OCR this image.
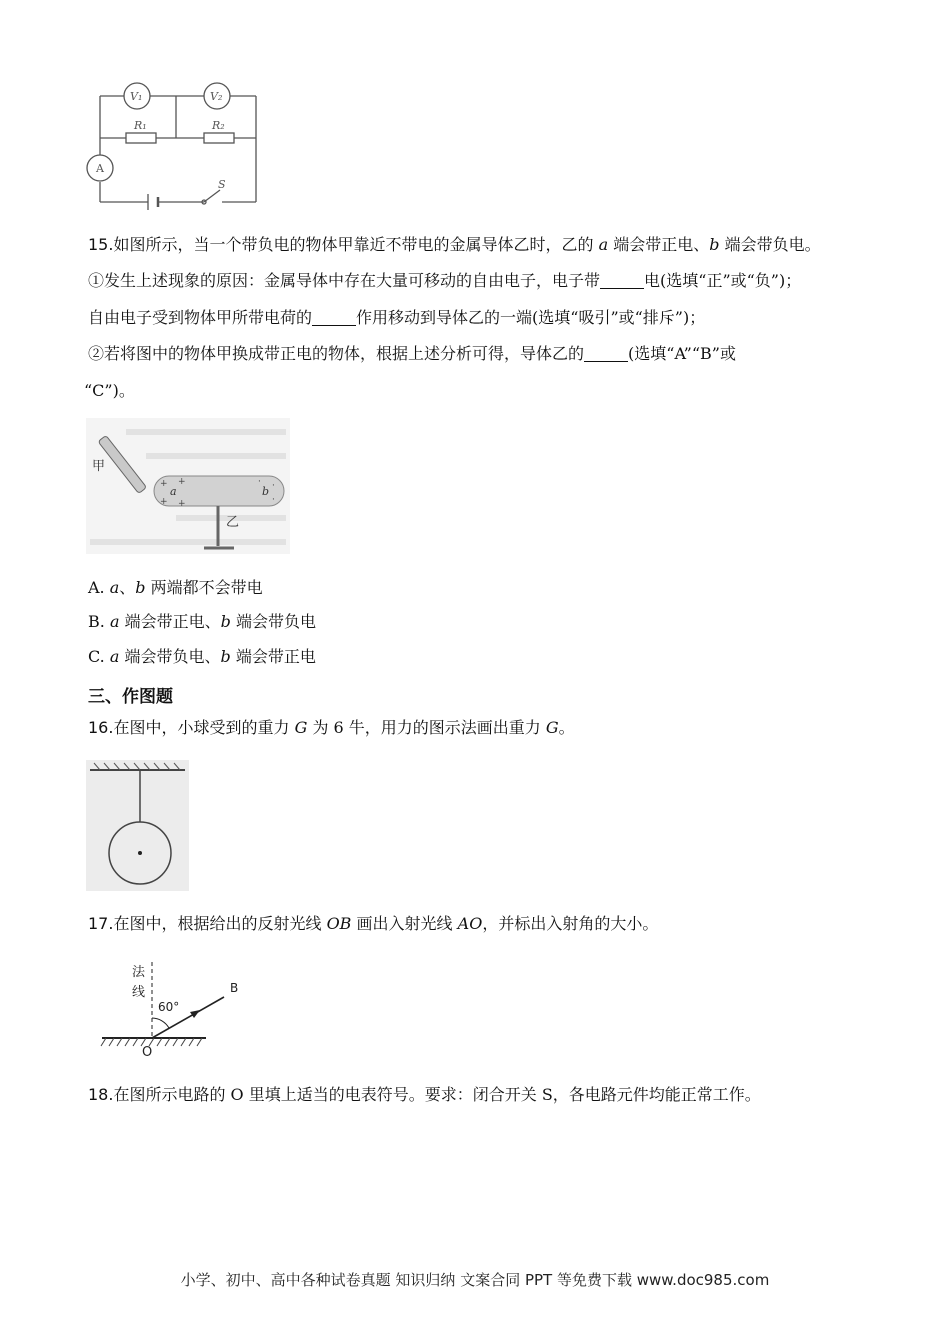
V₁	V₂
R₁	R₂
A
S
15.如图所示，当一个带负电的物体甲靠近不带电的金属导体乙时，乙的 a 端会带正电、b 端会带负电。
①发生上述现象的原因：金属导体中存在大量可移动的自由电子，电子带	电(选填“正”或“负”)；
自由电子受到物体甲所带电荷的	作用移动到导体乙的一端(选填“吸引”或“排斥”)；
②若将图中的物体甲换成带正电的物体，根据上述分析可得，导体乙的	(选填“A”“B”或
“C”)。
甲
a	b
+
+
+
+
·
·
·
乙
A. a、b 两端都不会带电
B. a 端会带正电、b 端会带负电
C. a 端会带负电、b 端会带正电
三、作图题
16.在图中，小球受到的重力 G 为 6 牛，用力的图示法画出重力 G。
17.在图中，根据给出的反射光线 OB 画出入射光线 AO，并标出入射角的大小。
法
线
60°
B
O
18.在图所示电路的 O 里填上适当的电表符号。要求：闭合开关 S，各电路元件均能正常工作。
小学、初中、高中各种试卷真题 知识归纳 文案合同 PPT 等免费下载 www.doc985.com
